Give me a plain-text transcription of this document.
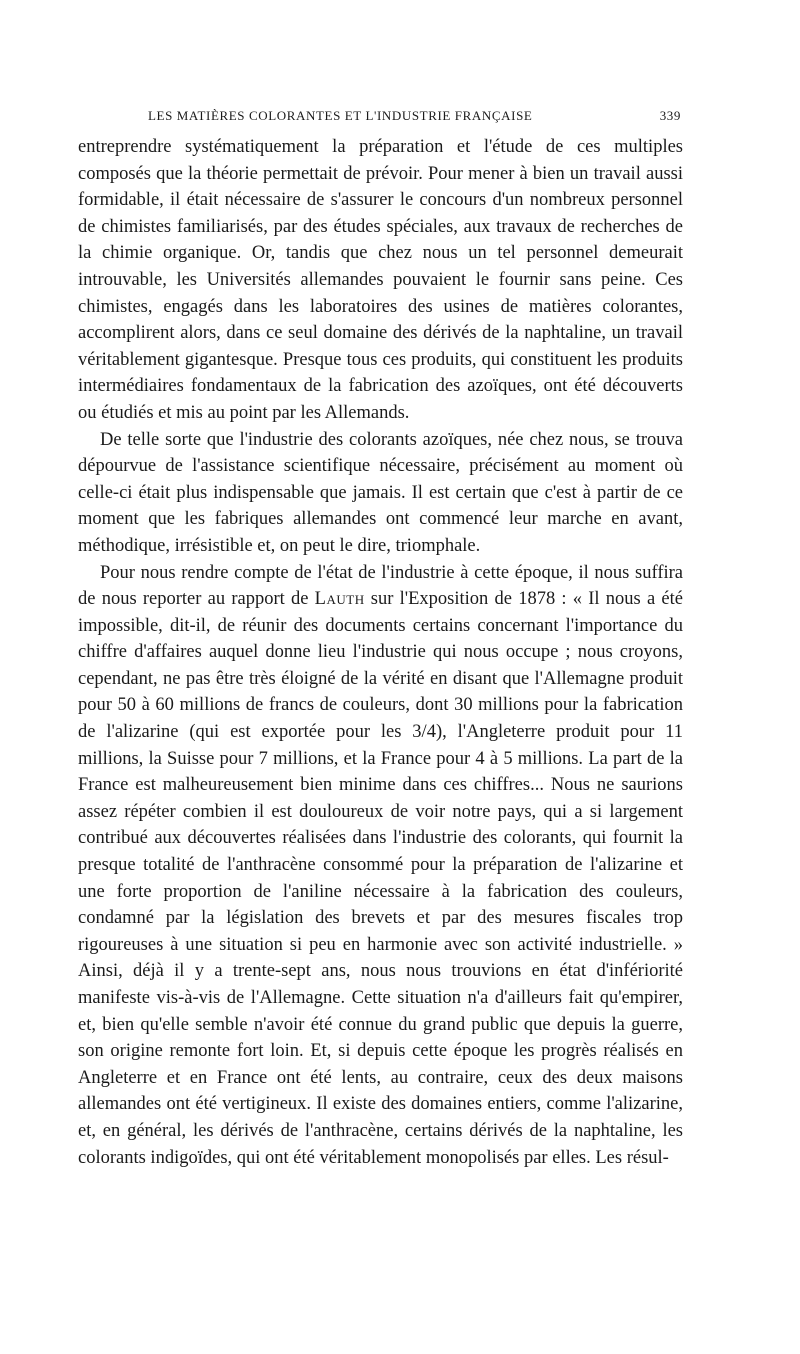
LES MATIÈRES COLORANTES ET L'INDUSTRIE FRANÇAISE	339

entreprendre systématiquement la préparation et l'étude de ces multiples composés que la théorie permettait de prévoir. Pour mener à bien un travail aussi formidable, il était nécessaire de s'assurer le concours d'un nombreux personnel de chimistes familiarisés, par des études spéciales, aux travaux de recherches de la chimie organique. Or, tandis que chez nous un tel personnel demeurait introuvable, les Universités allemandes pouvaient le fournir sans peine. Ces chimistes, engagés dans les laboratoires des usines de matières colorantes, accomplirent alors, dans ce seul domaine des dérivés de la naphtaline, un travail véritablement gigantesque. Presque tous ces produits, qui constituent les produits intermédiaires fondamentaux de la fabrication des azoïques, ont été découverts ou étudiés et mis au point par les Allemands.

De telle sorte que l'industrie des colorants azoïques, née chez nous, se trouva dépourvue de l'assistance scientifique nécessaire, précisément au moment où celle-ci était plus indispensable que jamais. Il est certain que c'est à partir de ce moment que les fabriques allemandes ont commencé leur marche en avant, méthodique, irrésistible et, on peut le dire, triomphale.

Pour nous rendre compte de l'état de l'industrie à cette époque, il nous suffira de nous reporter au rapport de Lauth sur l'Exposition de 1878 : « Il nous a été impossible, dit-il, de réunir des documents certains concernant l'importance du chiffre d'affaires auquel donne lieu l'industrie qui nous occupe ; nous croyons, cependant, ne pas être très éloigné de la vérité en disant que l'Allemagne produit pour 50 à 60 millions de francs de couleurs, dont 30 millions pour la fabrication de l'alizarine (qui est exportée pour les 3/4), l'Angleterre produit pour 11 millions, la Suisse pour 7 millions, et la France pour 4 à 5 millions. La part de la France est malheureusement bien minime dans ces chiffres... Nous ne saurions assez répéter combien il est douloureux de voir notre pays, qui a si largement contribué aux découvertes réalisées dans l'industrie des colorants, qui fournit la presque totalité de l'anthracène consommé pour la préparation de l'alizarine et une forte proportion de l'aniline nécessaire à la fabrication des couleurs, condamné par la législation des brevets et par des mesures fiscales trop rigoureuses à une situation si peu en harmonie avec son activité industrielle. » Ainsi, déjà il y a trente-sept ans, nous nous trouvions en état d'infériorité manifeste vis-à-vis de l'Allemagne. Cette situation n'a d'ailleurs fait qu'empirer, et, bien qu'elle semble n'avoir été connue du grand public que depuis la guerre, son origine remonte fort loin. Et, si depuis cette époque les progrès réalisés en Angleterre et en France ont été lents, au contraire, ceux des deux maisons allemandes ont été vertigineux. Il existe des domaines entiers, comme l'alizarine, et, en général, les dérivés de l'anthracène, certains dérivés de la naphtaline, les colorants indigoïdes, qui ont été véritablement monopolisés par elles. Les résul-
